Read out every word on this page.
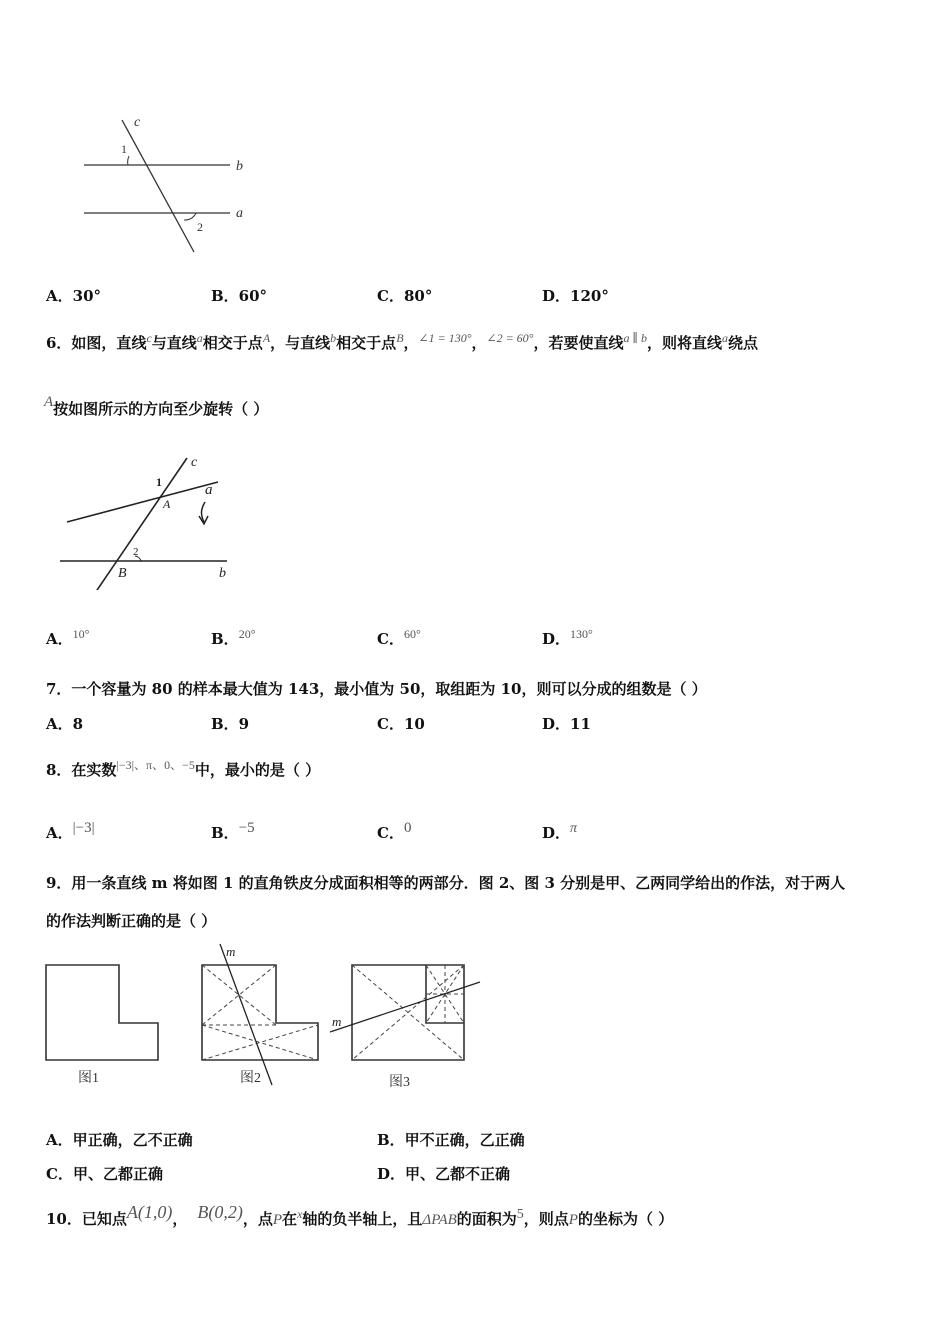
c
1
b
a
2
A．30°	B．60°	C．80°	D．120°
6．如图，直线$^c$与直线$^a$相交于点$^A$，与直线$^b$相交于点$^B$，$^{\angle 1 = 130^\circ}$，$^{\angle 2 = 60^\circ}$，若要使直线$^{a \parallel b}$，则将直线$^a$绕点
A按如图所示的方向至少旋转（ ）
c
1	a
A
2
B	b
A．$^{10^\circ}$	B．$^{20^\circ}$	C．$^{60^\circ}$	D．$^{130^\circ}$
7．一个容量为 80 的样本最大值为 143，最小值为 50，取组距为 10，则可以分成的组数是（ ）
A．8	B．9	C．10	D．11
8．在实数$^{|-3|、\pi、0、-5}$中，最小的是（ ）
A．|−3|	B．−5	C．0	D．π
9．用一条直线 m 将如图 1 的直角铁皮分成面积相等的两部分．图 2、图 3 分别是甲、乙两同学给出的作法，对于两人
的作法判断正确的是（ ）
图1
m
图2
m
图3
A．甲正确，乙不正确	B．甲不正确，乙正确
C．甲、乙都正确	D．甲、乙都不正确
10．已知点A(1,0)， B(0,2)，点P在$^x$轴的负半轴上，且ΔPAB的面积为5，则点P的坐标为（ ）
